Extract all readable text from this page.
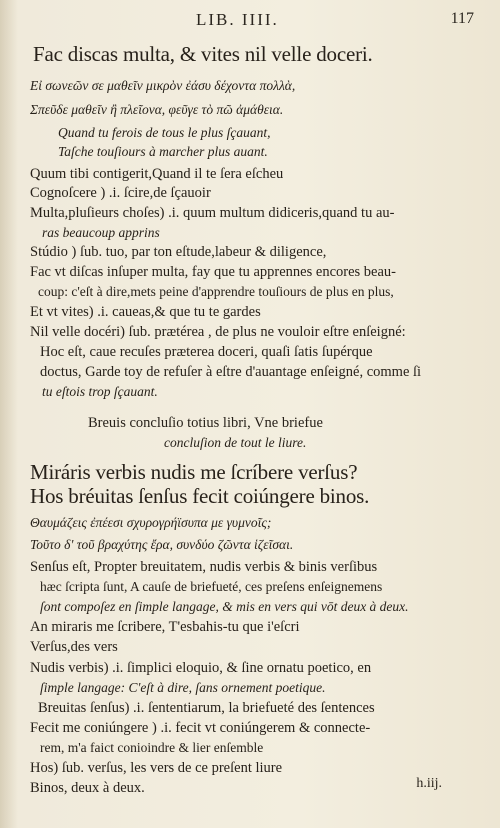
LIB. IIII.	117
Fac discas multa, & vites nil velle doceri.
Εἰ σωνεῶν σε μαθεῖν μικρὸν ἐάσυ δέχοντα πολλὰ,
Σπεῦδε μαθεῖν ἢ πλεῖονα, φεῦγε τὸ πῶ ἀμάθεια.
Quand tu ferois de tous le plus ſçauant,
Taſche touſiours à marcher plus auant.
Quum tibi contigerit,Quand il te ſera eſcheu
Cognoſcere ) .i. ſcire,de ſçauoir
Multa,pluſieurs choſes) .i. quum multum didiceris,quand tu au-
ras beaucoup apprins
Stúdio ) ſub. tuo, par ton eſtude,labeur & diligence,
Fac vt diſcas inſuper multa, fay que tu apprennes encores beau-
coup: c'eſt à dire,mets peine d'apprendre touſiours de plus en plus,
Et vt vites) .i. caueas,& que tu te gardes
Nil velle docéri) ſub. prætérea , de plus ne vouloir eſtre enſeigné:
Hoc eſt, caue recuſes præterea doceri, quaſi ſatis ſupérque
doctus, Garde toy de refuſer à eſtre d'auantage enſeigné, comme ſi
tu eſtois trop ſçauant.
Breuis concluſio totius libri, Vne briefue
concluſion de tout le liure.
Miráris verbis nudis me ſcríbere verſus?
Hos bréuitas ſenſus fecit coiúngere binos.
Θαυμάζεις ἐπέεσι σχυρογρήϊσυπα με γυμνοῖς;
Τοῦτο δ' τοῦ βραχύτης ἔρα, συνδύο ζῶντα ἱζεῖσαι.
Senſus eſt, Propter breuitatem, nudis verbis & binis verſibus
hæc ſcripta ſunt, A cauſe de briefueté, ces preſens enſeignemens
ſont compoſez en ſimple langage, & mis en vers qui vōt deux à deux.
An miraris me ſcribere, T'esbahis-tu que i'eſcri
Verſus,des vers
Nudis verbis) .i. ſimplici eloquio, & ſine ornatu poetico, en
ſimple langage: C'eſt à dire, ſans ornement poetique.
Breuitas ſenſus) .i. ſententiarum, la briefueté des ſentences
Fecit me coniúngere ) .i. fecit vt coniúngerem & connecte-
rem, m'a faict conioindre & lier enſemble
Hos) ſub. verſus, les vers de ce preſent liure
Binos, deux à deux.	h.iij.
